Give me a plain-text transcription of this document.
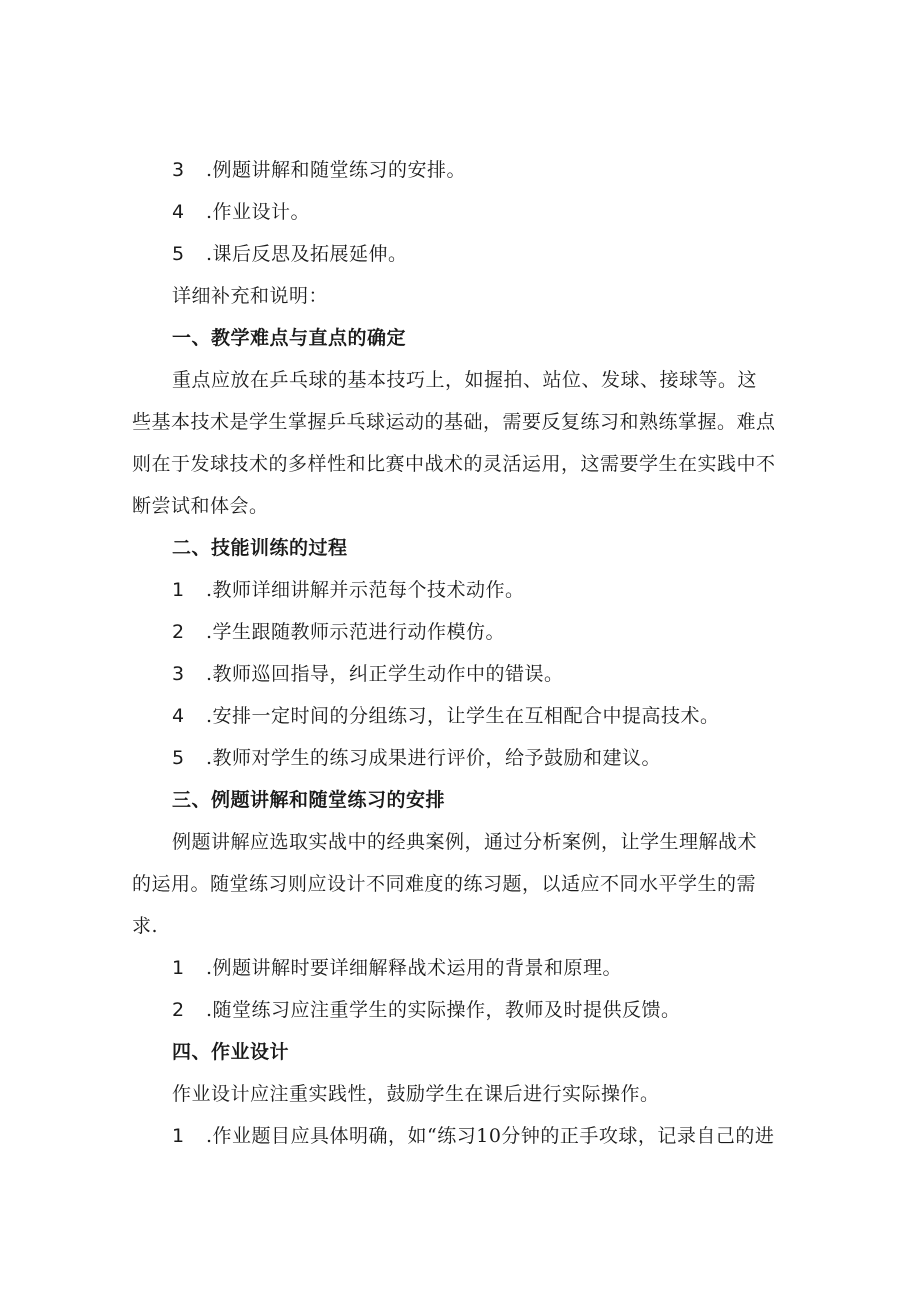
3 .例题讲解和随堂练习的安排。
4 .作业设计。
5 .课后反思及拓展延伸。
详细补充和说明：
一、教学难点与直点的确定
重点应放在乒乓球的基本技巧上，如握拍、站位、发球、接球等。这
些基本技术是学生掌握乒乓球运动的基础，需要反复练习和熟练掌握。难点
则在于发球技术的多样性和比赛中战术的灵活运用，这需要学生在实践中不
断尝试和体会。
二、技能训练的过程
1 .教师详细讲解并示范每个技术动作。
2 .学生跟随教师示范进行动作模仿。
3 .教师巡回指导，纠正学生动作中的错误。
4 .安排一定时间的分组练习，让学生在互相配合中提高技术。
5 .教师对学生的练习成果进行评价，给予鼓励和建议。
三、例题讲解和随堂练习的安排
例题讲解应选取实战中的经典案例，通过分析案例，让学生理解战术
的运用。随堂练习则应设计不同难度的练习题，以适应不同水平学生的需
求.
1 .例题讲解时要详细解释战术运用的背景和原理。
2 .随堂练习应注重学生的实际操作，教师及时提供反馈。
四、作业设计
作业设计应注重实践性，鼓励学生在课后进行实际操作。
1 .作业题目应具体明确，如“练习10分钟的正手攻球，记录自己的进
